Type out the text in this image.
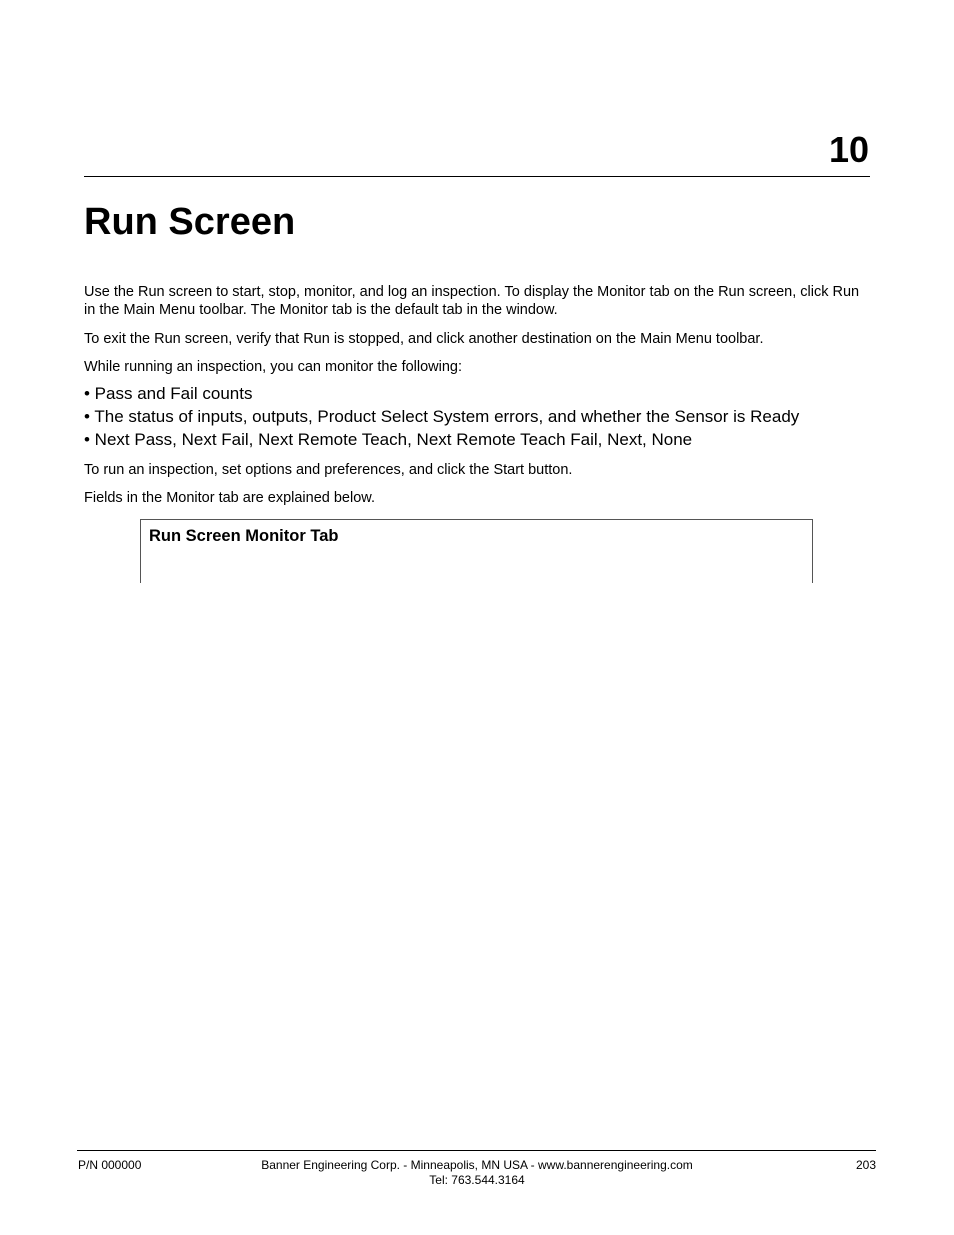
10
Run Screen

Use the Run screen to start, stop, monitor, and log an inspection. To display the Monitor tab on the Run screen, click Run in the Main Menu toolbar. The Monitor tab is the default tab in the window.

To exit the Run screen, verify that Run is stopped, and click another destination on the Main Menu toolbar.

While running an inspection, you can monitor the following:

• Pass and Fail counts

• The status of inputs, outputs, Product Select System errors, and whether the Sensor is Ready

• Next Pass, Next Fail, Next Remote Teach, Next Remote Teach Fail, Next, None

To run an inspection, set options and preferences, and click the Start button.

Fields in the Monitor tab are explained below.

Run Screen Monitor Tab
P/N 000000	Banner Engineering Corp. - Minneapolis, MN USA - www.bannerengineering.com
Tel: 763.544.3164
203
